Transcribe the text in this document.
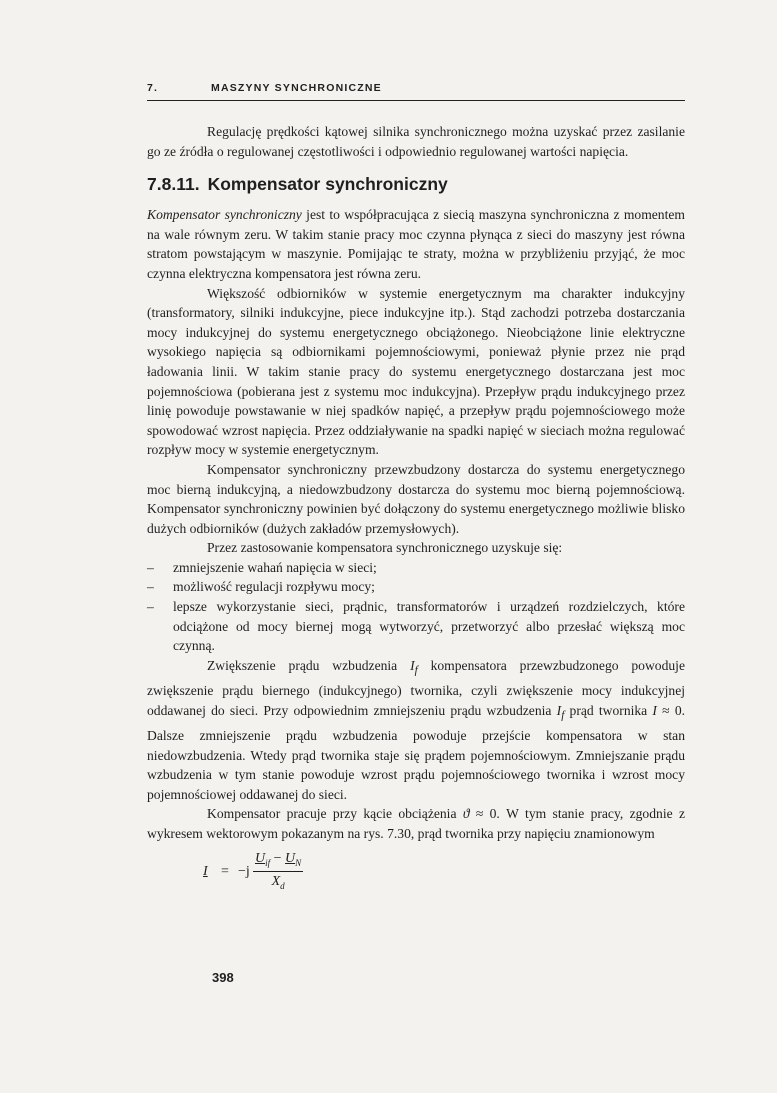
7.	MASZYNY SYNCHRONICZNE

Regulację prędkości kątowej silnika synchronicznego można uzyskać przez zasilanie go ze źródła o regulowanej częstotliwości i odpowiednio regulowanej wartości napięcia.

7.8.11. Kompensator synchroniczny

Kompensator synchroniczny jest to współpracująca z siecią maszyna synchroniczna z momentem na wale równym zeru. W takim stanie pracy moc czynna płynąca z sieci do maszyny jest równa stratom powstającym w maszynie. Pomijając te straty, można w przybliżeniu przyjąć, że moc czynna elektryczna kompensatora jest równa zeru.

Większość odbiorników w systemie energetycznym ma charakter indukcyjny (transformatory, silniki indukcyjne, piece indukcyjne itp.). Stąd zachodzi potrzeba dostarczania mocy indukcyjnej do systemu energetycznego obciążonego. Nieobciążone linie elektryczne wysokiego napięcia są odbiornikami pojemnościowymi, ponieważ płynie przez nie prąd ładowania linii. W takim stanie pracy do systemu energetycznego dostarczana jest moc pojemnościowa (pobierana jest z systemu moc indukcyjna). Przepływ prądu indukcyjnego przez linię powoduje powstawanie w niej spadków napięć, a przepływ prądu pojemnościowego może spowodować wzrost napięcia. Przez oddziaływanie na spadki napięć w sieciach można regulować rozpływ mocy w systemie energetycznym.

Kompensator synchroniczny przewzbudzony dostarcza do systemu energetycznego moc bierną indukcyjną, a niedowzbudzony dostarcza do systemu moc bierną pojemnościową. Kompensator synchroniczny powinien być dołączony do systemu energetycznego możliwie blisko dużych odbiorników (dużych zakładów przemysłowych).

Przez zastosowanie kompensatora synchronicznego uzyskuje się:

– zmniejszenie wahań napięcia w sieci;
– możliwość regulacji rozpływu mocy;
– lepsze wykorzystanie sieci, prądnic, transformatorów i urządzeń rozdzielczych, które odciążone od mocy biernej mogą wytworzyć, przetworzyć albo przesłać większą moc czynną.

Zwiększenie prądu wzbudzenia $I_f$ kompensatora przewzbudzonego powoduje zwiększenie prądu biernego (indukcyjnego) twornika, czyli zwiększenie mocy indukcyjnej oddawanej do sieci. Przy odpowiednim zmniejszeniu prądu wzbudzenia $I_f$ prąd twornika I ≈ 0. Dalsze zmniejszenie prądu wzbudzenia powoduje przejście kompensatora w stan niedowzbudzenia. Wtedy prąd twornika staje się prądem pojemnościowym. Zmniejszanie prądu wzbudzenia w tym stanie powoduje wzrost prądu pojemnościowego twornika i wzrost mocy pojemnościowej oddawanej do sieci.

Kompensator pracuje przy kącie obciążenia ϑ ≈ 0. W tym stanie pracy, zgodnie z wykresem wektorowym pokazanym na rys. 7.30, prąd twornika przy napięciu znamionowym

I = −j
$U_{if} - U_N$
$X_d$
398
